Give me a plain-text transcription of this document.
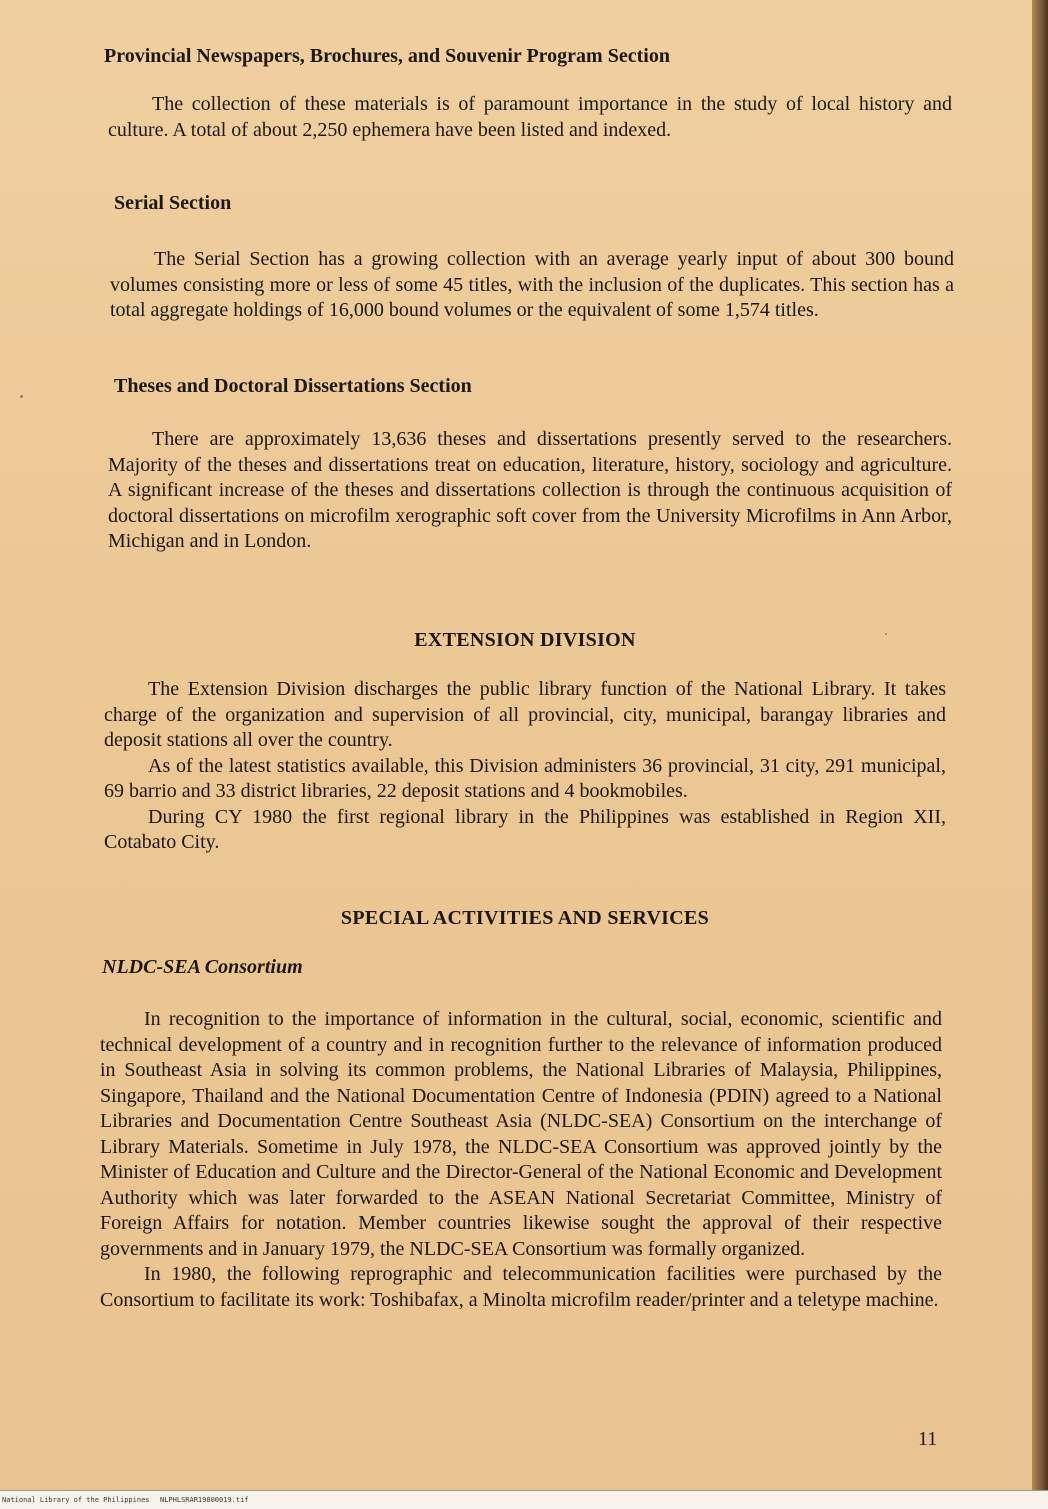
Provincial Newspapers, Brochures, and Souvenir Program Section

The collection of these materials is of paramount importance in the study of local history and culture. A total of about 2,250 ephemera have been listed and indexed.

Serial Section

The Serial Section has a growing collection with an average yearly input of about 300 bound volumes consisting more or less of some 45 titles, with the inclusion of the duplicates. This section has a total aggregate holdings of 16,000 bound volumes or the equivalent of some 1,574 titles.

Theses and Doctoral Dissertations Section

There are approximately 13,636 theses and dissertations presently served to the researchers. Majority of the theses and dissertations treat on education, literature, history, sociology and agriculture. A significant increase of the theses and dissertations collection is through the continuous acquisition of doctoral dissertations on microfilm xerographic soft cover from the University Microfilms in Ann Arbor, Michigan and in London.

EXTENSION DIVISION

The Extension Division discharges the public library function of the National Library. It takes charge of the organization and supervision of all provincial, city, municipal, barangay libraries and deposit stations all over the country.

As of the latest statistics available, this Division administers 36 provincial, 31 city, 291 municipal, 69 barrio and 33 district libraries, 22 deposit stations and 4 bookmobiles.

During CY 1980 the first regional library in the Philippines was established in Region XII, Cotabato City.

SPECIAL ACTIVITIES AND SERVICES
NLDC-SEA Consortium

In recognition to the importance of information in the cultural, social, economic, scientific and technical development of a country and in recognition further to the relevance of information produced in Southeast Asia in solving its common problems, the National Libraries of Malaysia, Philippines, Singapore, Thailand and the National Documentation Centre of Indonesia (PDIN) agreed to a National Libraries and Documentation Centre Southeast Asia (NLDC-SEA) Consortium on the interchange of Library Materials. Sometime in July 1978, the NLDC-SEA Consortium was approved jointly by the Minister of Education and Culture and the Director-General of the National Economic and Development Authority which was later forwarded to the ASEAN National Secretariat Committee, Ministry of Foreign Affairs for notation. Member countries likewise sought the approval of their respective governments and in January 1979, the NLDC-SEA Consortium was formally organized.

In 1980, the following reprographic and telecommunication facilities were purchased by the Consortium to facilitate its work: Toshibafax, a Minolta microfilm reader/printer and a teletype machine.

11
National Library of the Philippines NLPHLSRAR19800019.tif
